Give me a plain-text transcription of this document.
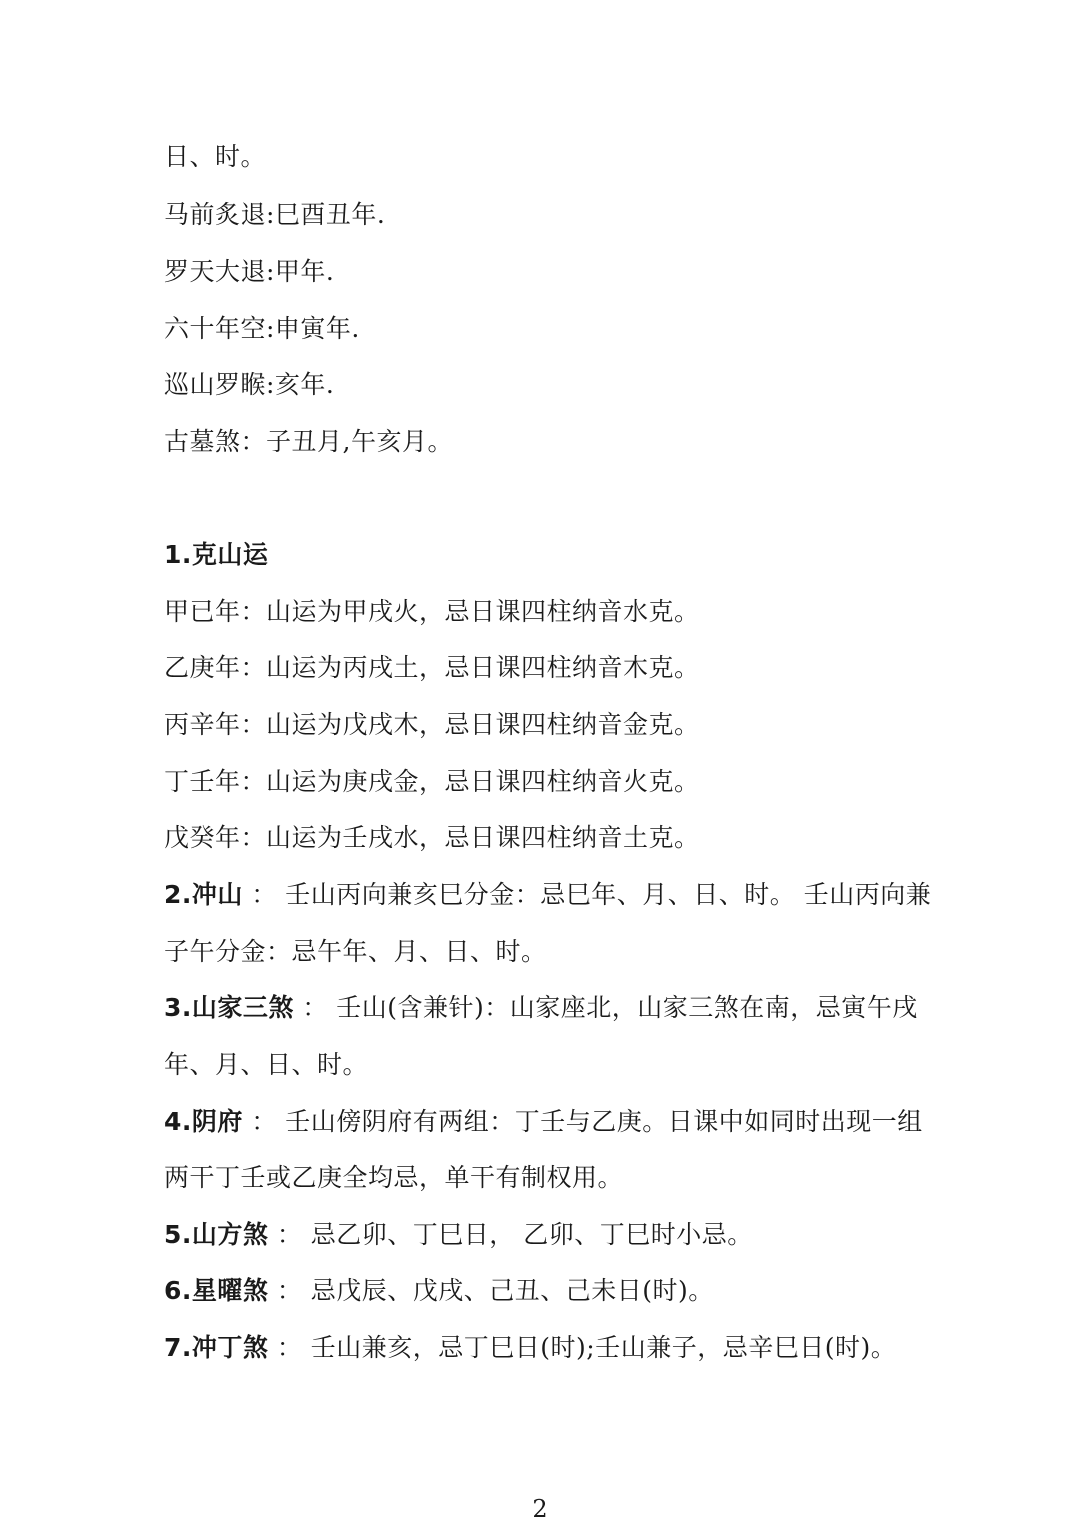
日、时。
马前炙退:巳酉丑年.
罗天大退:甲年.
六十年空:申寅年.
巡山罗睺:亥年.
古墓煞：子丑月,午亥月。
1.克山运
甲已年：山运为甲戌火，忌日课四柱纳音水克。
乙庚年：山运为丙戌土，忌日课四柱纳音木克。
丙辛年：山运为戊戌木，忌日课四柱纳音金克。
丁壬年：山运为庚戌金，忌日课四柱纳音火克。
戊癸年：山运为壬戌水，忌日课四柱纳音土克。
2.冲山 ： 壬山丙向兼亥巳分金：忌巳年、月、日、时。 壬山丙向兼
子午分金：忌午年、月、日、时。
3.山家三煞 ： 壬山(含兼针)：山家座北，山家三煞在南，忌寅午戌
年、月、日、时。
4.阴府 ： 壬山傍阴府有两组：丁壬与乙庚。日课中如同时出现一组
两干丁壬或乙庚全均忌，单干有制权用。
5.山方煞 ： 忌乙卯、丁巳日， 乙卯、丁巳时小忌。
6.星曜煞 ： 忌戊辰、戊戌、己丑、己未日(时)。
7.冲丁煞 ： 壬山兼亥，忌丁巳日(时);壬山兼子，忌辛巳日(时)。
2
